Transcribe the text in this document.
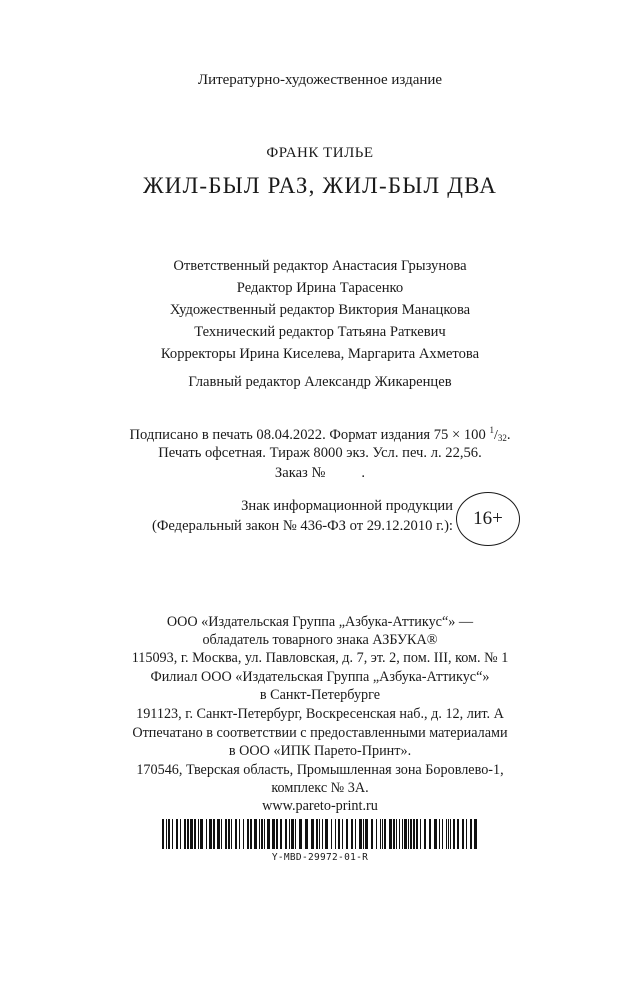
Литературно-художественное издание
ФРАНК ТИЛЬЕ
ЖИЛ-БЫЛ РАЗ, ЖИЛ-БЫЛ ДВА
Ответственный редактор Анастасия Грызунова
Редактор Ирина Тарасенко
Художественный редактор Виктория Манацкова
Технический редактор Татьяна Раткевич
Корректоры Ирина Киселева, Маргарита Ахметова
Главный редактор Александр Жикаренцев
Подписано в печать 08.04.2022. Формат издания 75 × 100 $^1/_{32}$.
Печать офсетная. Тираж 8000 экз. Усл. печ. л. 22,56.
Заказ № .
Знак информационной продукции
(Федеральный закон № 436-ФЗ от 29.12.2010 г.): 16+
ООО «Издательская Группа „Азбука-Аттикус“» —
обладатель товарного знака АЗБУКА®
115093, г. Москва, ул. Павловская, д. 7, эт. 2, пом. III, ком. № 1
Филиал ООО «Издательская Группа „Азбука-Аттикус“»
в Санкт-Петербурге
191123, г. Санкт-Петербург, Воскресенская наб., д. 12, лит. А
Отпечатано в соответствии с предоставленными материалами
в ООО «ИПК Парето-Принт».
170546, Тверская область, Промышленная зона Боровлево-1,
комплекс № 3А.
www.pareto-print.ru
Y-MBD-29972-01-R
